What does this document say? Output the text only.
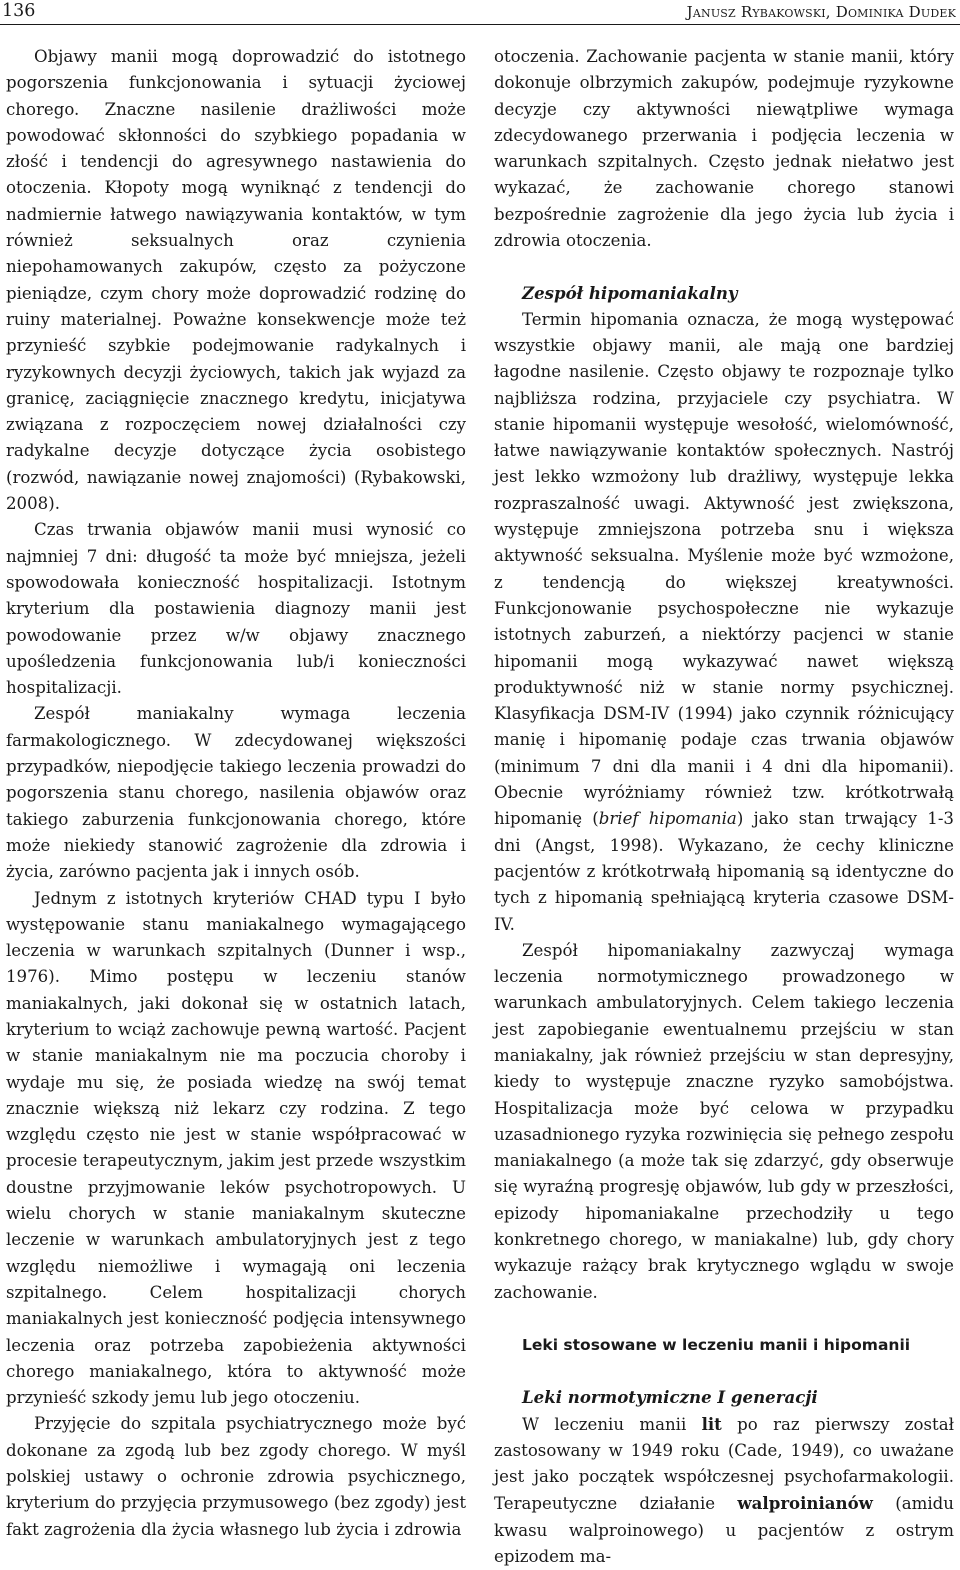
136	Janusz Rybakowski, Dominika Dudek

Objawy manii mogą doprowadzić do istotnego pogorszenia funkcjonowania i sytuacji życiowej chorego. Znaczne nasilenie drażliwości może powodować skłonności do szybkiego popadania w złość i tendencji do agresywnego nastawienia do otoczenia. Kłopoty mogą wyniknąć z tendencji do nadmiernie łatwego nawiązywania kontaktów, w tym również seksualnych oraz czynienia niepohamowanych zakupów, często za pożyczone pieniądze, czym chory może doprowadzić rodzinę do ruiny materialnej. Poważne konsekwencje może też przynieść szybkie podejmowanie radykalnych i ryzykownych decyzji życiowych, takich jak wyjazd za granicę, zaciągnięcie znacznego kredytu, inicjatywa związana z rozpoczęciem nowej działalności czy radykalne decyzje dotyczące życia osobistego (rozwód, nawiązanie nowej znajomości) (Rybakowski, 2008).

Czas trwania objawów manii musi wynosić co najmniej 7 dni: długość ta może być mniejsza, jeżeli spowodowała konieczność hospitalizacji. Istotnym kryterium dla postawienia diagnozy manii jest powodowanie przez w/w objawy znacznego upośledzenia funkcjonowania lub/i konieczności hospitalizacji.

Zespół maniakalny wymaga leczenia farmakologicznego. W zdecydowanej większości przypadków, niepodjęcie takiego leczenia prowadzi do pogorszenia stanu chorego, nasilenia objawów oraz takiego zaburzenia funkcjonowania chorego, które może niekiedy stanowić zagrożenie dla zdrowia i życia, zarówno pacjenta jak i innych osób.

Jednym z istotnych kryteriów CHAD typu I było występowanie stanu maniakalnego wymagającego leczenia w warunkach szpitalnych (Dunner i wsp., 1976). Mimo postępu w leczeniu stanów maniakalnych, jaki dokonał się w ostatnich latach, kryterium to wciąż zachowuje pewną wartość. Pacjent w stanie maniakalnym nie ma poczucia choroby i wydaje mu się, że posiada wiedzę na swój temat znacznie większą niż lekarz czy rodzina. Z tego względu często nie jest w stanie współpracować w procesie terapeutycznym, jakim jest przede wszystkim doustne przyjmowanie leków psychotropowych. U wielu chorych w stanie maniakalnym skuteczne leczenie w warunkach ambulatoryjnych jest z tego względu niemożliwe i wymagają oni leczenia szpitalnego. Celem hospitalizacji chorych maniakalnych jest konieczność podjęcia intensywnego leczenia oraz potrzeba zapobieżenia aktywności chorego maniakalnego, która to aktywność może przynieść szkody jemu lub jego otoczeniu.

Przyjęcie do szpitala psychiatrycznego może być dokonane za zgodą lub bez zgody chorego. W myśl polskiej ustawy o ochronie zdrowia psychicznego, kryterium do przyjęcia przymusowego (bez zgody) jest fakt zagrożenia dla życia własnego lub życia i zdrowia

otoczenia. Zachowanie pacjenta w stanie manii, który dokonuje olbrzymich zakupów, podejmuje ryzykowne decyzje czy aktywności niewątpliwe wymaga zdecydowanego przerwania i podjęcia leczenia w warunkach szpitalnych. Często jednak niełatwo jest wykazać, że zachowanie chorego stanowi bezpośrednie zagrożenie dla jego życia lub życia i zdrowia otoczenia.

Zespół hipomaniakalny

Termin hipomania oznacza, że mogą występować wszystkie objawy manii, ale mają one bardziej łagodne nasilenie. Często objawy te rozpoznaje tylko najbliższa rodzina, przyjaciele czy psychiatra. W stanie hipomanii występuje wesołość, wielomówność, łatwe nawiązywanie kontaktów społecznych. Nastrój jest lekko wzmożony lub drażliwy, występuje lekka rozpraszalność uwagi. Aktywność jest zwiększona, występuje zmniejszona potrzeba snu i większa aktywność seksualna. Myślenie może być wzmożone, z tendencją do większej kreatywności. Funkcjonowanie psychospołeczne nie wykazuje istotnych zaburzeń, a niektórzy pacjenci w stanie hipomanii mogą wykazywać nawet większą produktywność niż w stanie normy psychicznej. Klasyfikacja DSM-IV (1994) jako czynnik różnicujący manię i hipomanię podaje czas trwania objawów (minimum 7 dni dla manii i 4 dni dla hipomanii). Obecnie wyróżniamy również tzw. krótkotrwałą hipomanię (brief hipomania) jako stan trwający 1-3 dni (Angst, 1998). Wykazano, że cechy kliniczne pacjentów z krótkotrwałą hipomanią są identyczne do tych z hipomanią spełniającą kryteria czasowe DSM-IV.

Zespół hipomaniakalny zazwyczaj wymaga leczenia normotymicznego prowadzonego w warunkach ambulatoryjnych. Celem takiego leczenia jest zapobieganie ewentualnemu przejściu w stan maniakalny, jak również przejściu w stan depresyjny, kiedy to występuje znaczne ryzyko samobójstwa. Hospitalizacja może być celowa w przypadku uzasadnionego ryzyka rozwinięcia się pełnego zespołu maniakalnego (a może tak się zdarzyć, gdy obserwuje się wyraźną progresję objawów, lub gdy w przeszłości, epizody hipomaniakalne przechodziły u tego konkretnego chorego, w maniakalne) lub, gdy chory wykazuje rażący brak krytycznego wglądu w swoje zachowanie.

Leki stosowane w leczeniu manii i hipomanii

Leki normotymiczne I generacji

W leczeniu manii lit po raz pierwszy został zastosowany w 1949 roku (Cade, 1949), co uważane jest jako początek współczesnej psychofarmakologii. Terapeutyczne działanie walproinianów (amidu kwasu walproinowego) u pacjentów z ostrym epizodem ma-
